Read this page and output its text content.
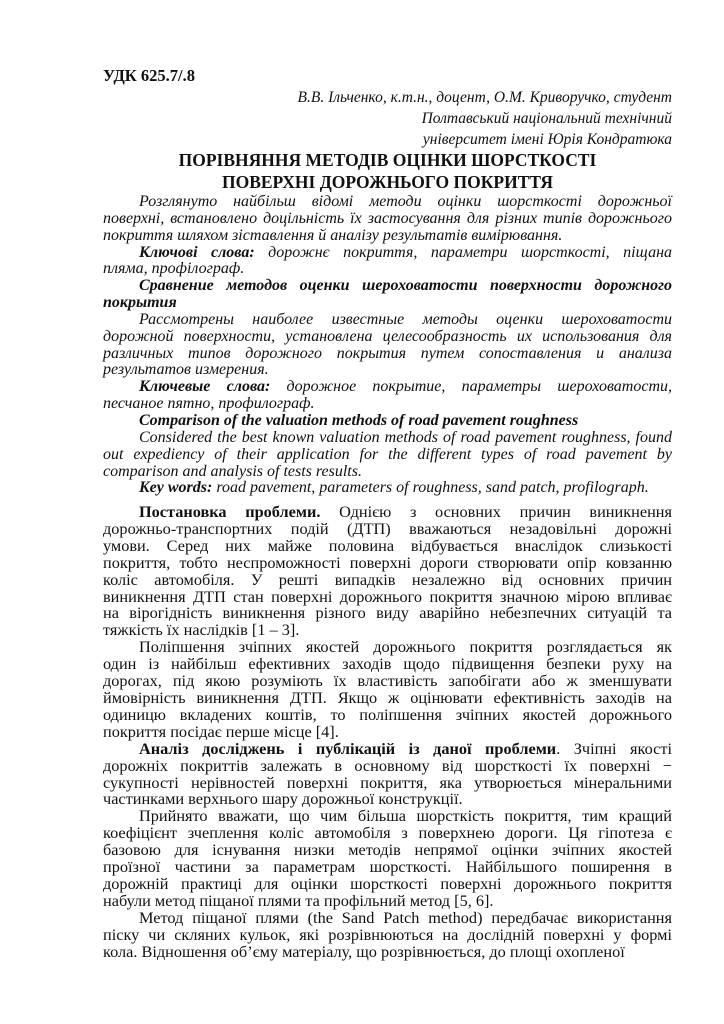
УДК 625.7/.8
В.В. Ільченко, к.т.н., доцент, О.М. Криворучко, студент
Полтавський національний технічний
університет імені Юрія Кондратюка
ПОРІВНЯННЯ МЕТОДІВ ОЦІНКИ ШОРСТКОСТІ
ПОВЕРХНІ ДОРОЖНЬОГО ПОКРИТТЯ
Розглянуто найбільш відомі методи оцінки шорсткості дорожньої
поверхні, встановлено доцільність їх застосування для різних типів дорожнього
покриття шляхом зіставлення й аналізу результатів вимірювання.
Ключові слова: дорожнє покриття, параметри шорсткості, піщана
пляма, профілограф.
Сравнение методов оценки шероховатости поверхности дорожного
покрытия
Рассмотрены наиболее известные методы оценки шероховатости
дорожной поверхности, установлена целесообразность их использования для
различных типов дорожного покрытия путем сопоставления и анализа
результатов измерения.
Ключевые слова: дорожное покрытие, параметры шероховатости,
песчаное пятно, профилограф.
Comparison of the valuation methods of road pavement roughness
Considered the best known valuation methods of road pavement roughness, found
out expediency of their application for the different types of road pavement by
comparison and analysis of tests results.
Key words: road pavement, parameters of roughness, sand patch, profilograph.
Постановка проблеми. Однією з основних причин виникнення
дорожньо-транспортних подій (ДТП) вважаються незадовільні дорожні
умови. Серед них майже половина відбувається внаслідок слизькості
покриття, тобто неспроможності поверхні дороги створювати опір ковзанню
коліс автомобіля. У решті випадків незалежно від основних причин
виникнення ДТП стан поверхні дорожнього покриття значною мірою впливає
на вірогідність виникнення різного виду аварійно небезпечних ситуацій та
тяжкість їх наслідків [1 – 3].
Поліпшення зчіпних якостей дорожнього покриття розглядається як
один із найбільш ефективних заходів щодо підвищення безпеки руху на
дорогах, під якою розуміють їх властивість запобігати або ж зменшувати
ймовірність виникнення ДТП. Якщо ж оцінювати ефективність заходів на
одиницю вкладених коштів, то поліпшення зчіпних якостей дорожнього
покриття посідає перше місце [4].
Аналіз досліджень і публікацій із даної проблеми. Зчіпні якості
дорожніх покриттів залежать в основному від шорсткості їх поверхні −
сукупності нерівностей поверхні покриття, яка утворюється мінеральними
частинками верхнього шару дорожньої конструкції.
Прийнято вважати, що чим більша шорсткість покриття, тим кращий
коефіцієнт зчеплення коліс автомобіля з поверхнею дороги. Ця гіпотеза є
базовою для існування низки методів непрямої оцінки зчіпних якостей
проїзної частини за параметрам шорсткості. Найбільшого поширення в
дорожній практиці для оцінки шорсткості поверхні дорожнього покриття
набули метод піщаної плями та профільний метод [5, 6].
Метод піщаної плями (the Sand Patch method) передбачає використання
піску чи скляних кульок, які розрівнюються на дослідній поверхні у формі
кола. Відношення об’єму матеріалу, що розрівнюється, до площі охопленої
